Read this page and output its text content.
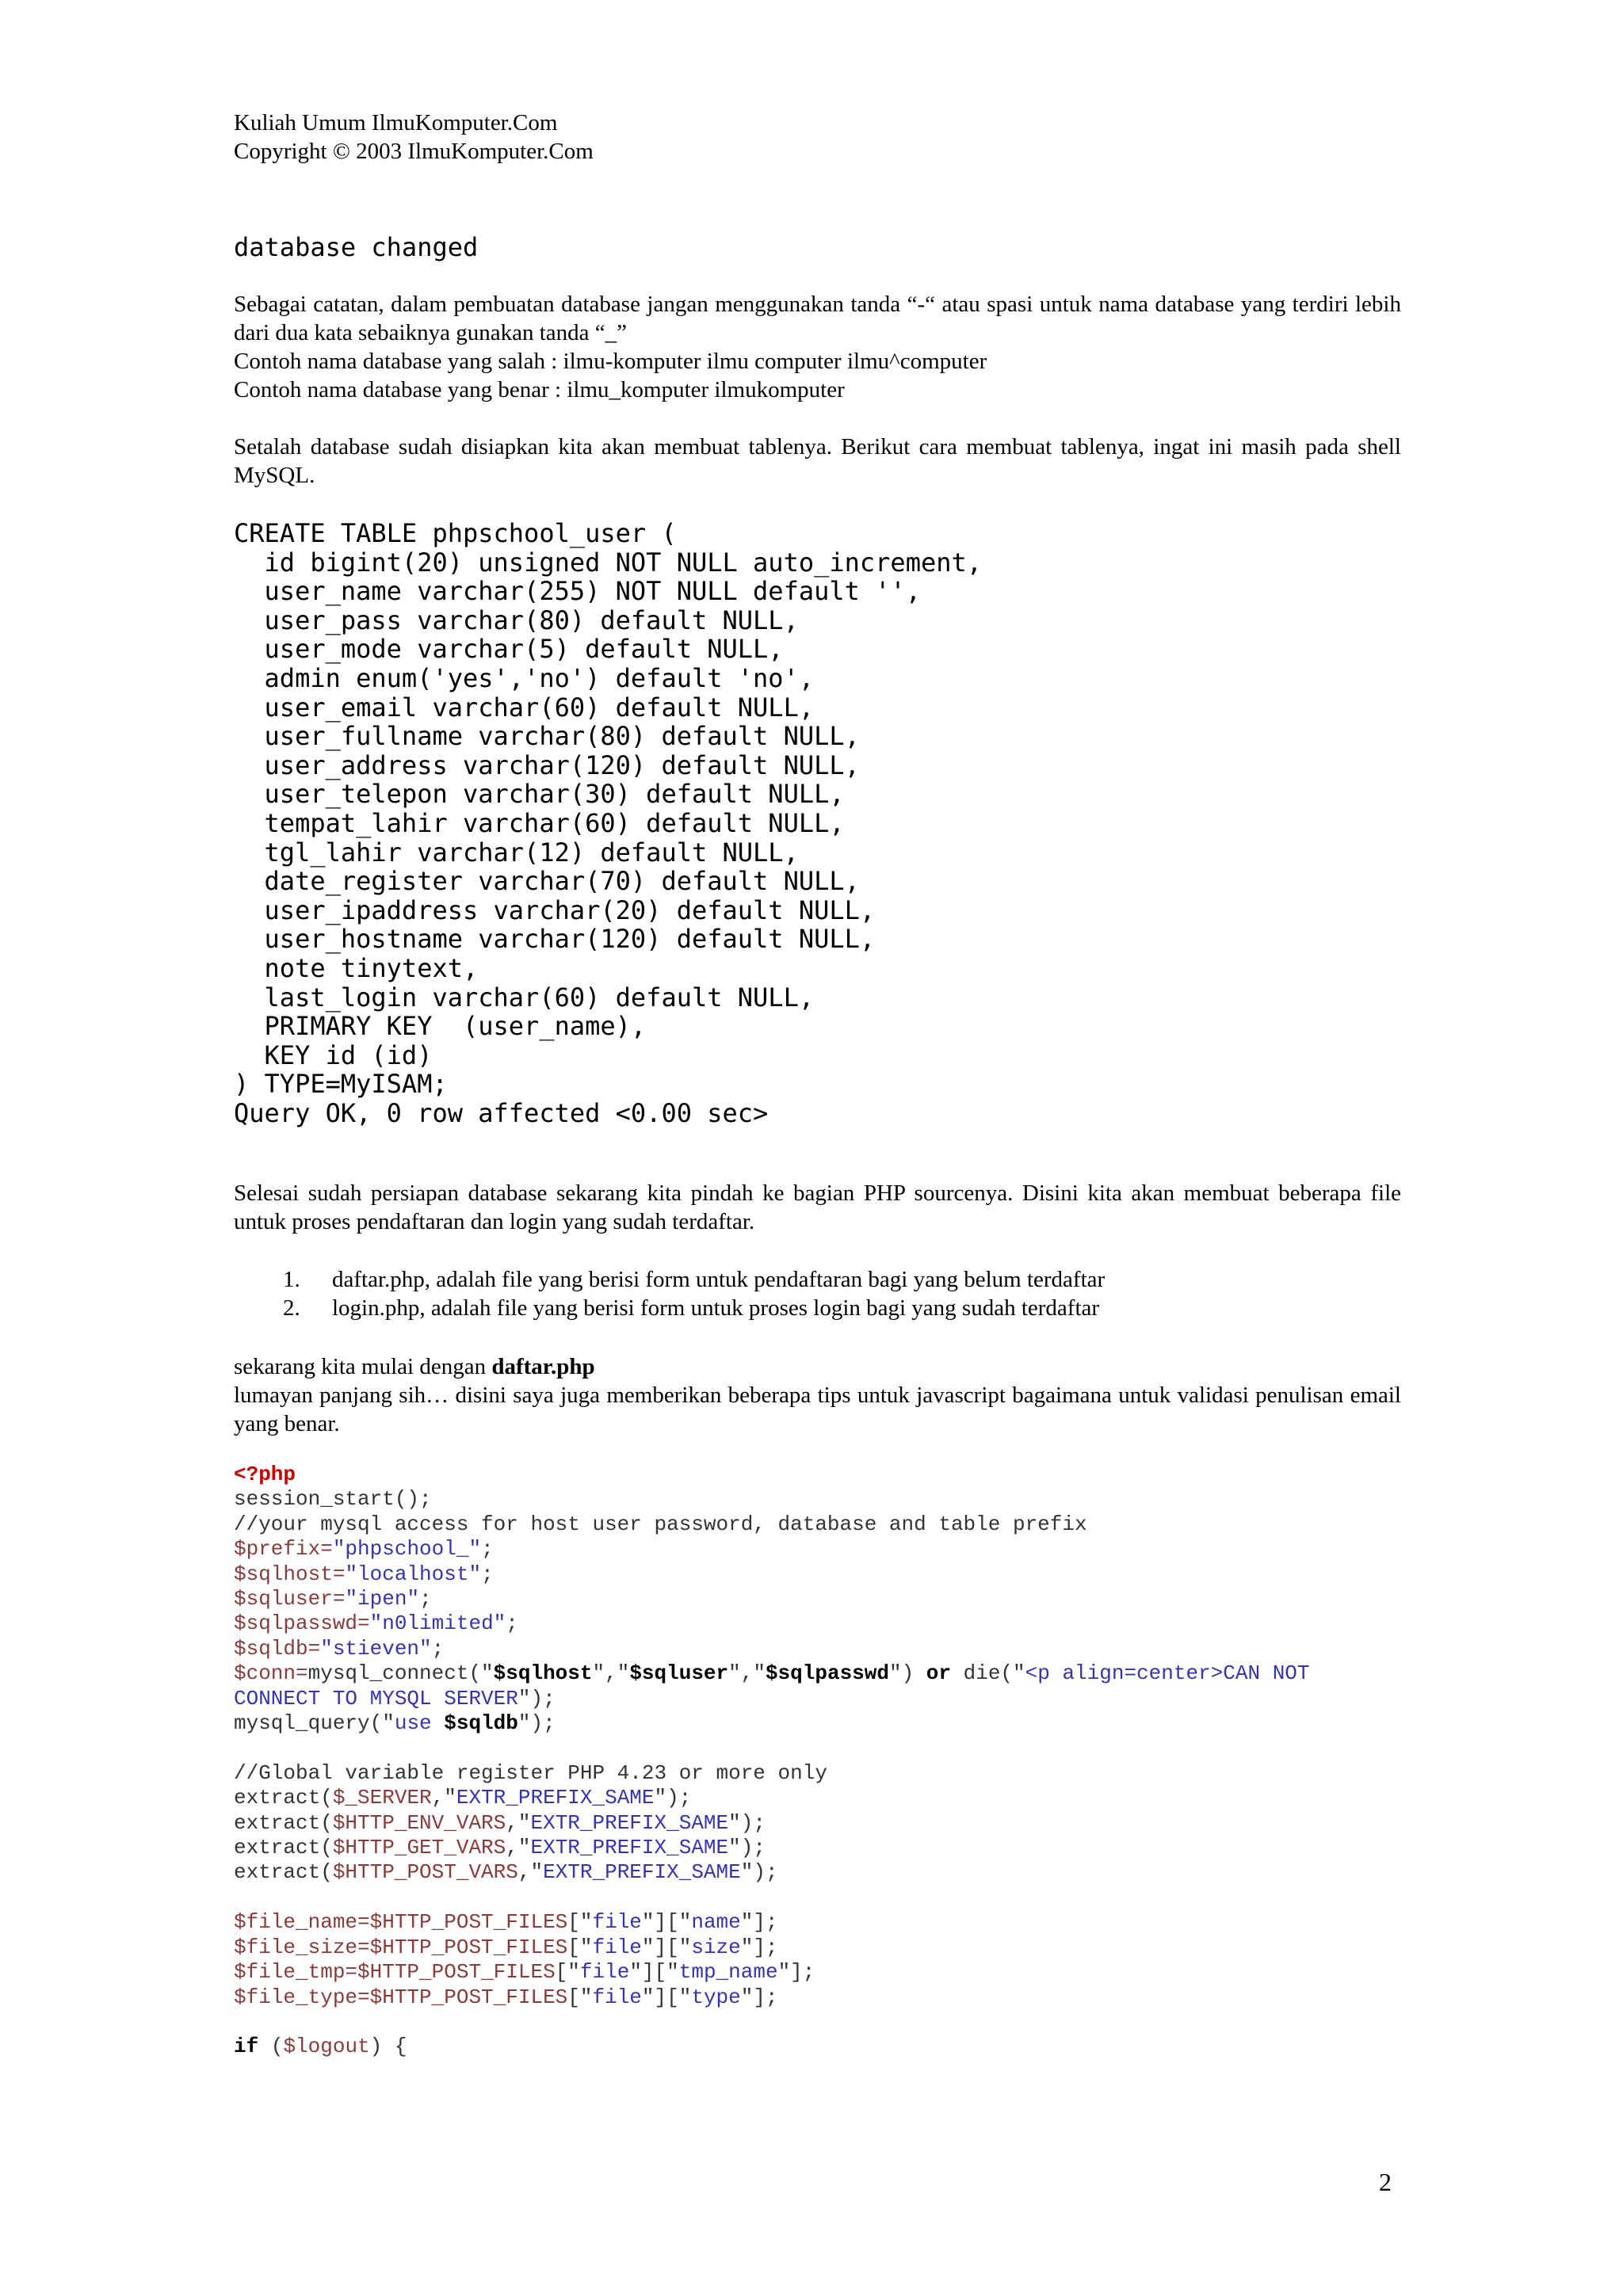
Kuliah Umum IlmuKomputer.Com
Copyright © 2003 IlmuKomputer.Com
database changed
Sebagai catatan, dalam pembuatan database jangan menggunakan tanda “-“ atau spasi untuk nama database yang terdiri lebih dari dua kata sebaiknya gunakan tanda “_”
Contoh nama database yang salah : ilmu-komputer ilmu computer ilmu^computer
Contoh nama database yang benar : ilmu_komputer ilmukomputer
Setalah database sudah disiapkan kita akan membuat tablenya. Berikut cara membuat tablenya, ingat ini masih pada shell MySQL.
CREATE TABLE phpschool_user (
id bigint(20) unsigned NOT NULL auto_increment,
user_name varchar(255) NOT NULL default '',
user_pass varchar(80) default NULL,
user_mode varchar(5) default NULL,
admin enum('yes','no') default 'no',
user_email varchar(60) default NULL,
user_fullname varchar(80) default NULL,
user_address varchar(120) default NULL,
user_telepon varchar(30) default NULL,
tempat_lahir varchar(60) default NULL,
tgl_lahir varchar(12) default NULL,
date_register varchar(70) default NULL,
user_ipaddress varchar(20) default NULL,
user_hostname varchar(120) default NULL,
note tinytext,
last_login varchar(60) default NULL,
PRIMARY KEY  (user_name),
KEY id (id)
) TYPE=MyISAM;
Query OK, 0 row affected <0.00 sec>
Selesai sudah persiapan database sekarang kita pindah ke bagian PHP sourcenya. Disini kita akan membuat beberapa file untuk proses pendaftaran dan login yang sudah terdaftar.
1. daftar.php, adalah file yang berisi form untuk pendaftaran bagi yang belum terdaftar
2. login.php, adalah file yang berisi form untuk proses login bagi yang sudah terdaftar
sekarang kita mulai dengan daftar.php
lumayan panjang sih… disini saya juga memberikan beberapa tips untuk javascript bagaimana untuk validasi penulisan email yang benar.
<?php
session_start();
//your mysql access for host user password, database and table prefix
$prefix="phpschool_";
$sqlhost="localhost";
$sqluser="ipen";
$sqlpasswd="n0limited";
$sqldb="stieven";
$conn=mysql_connect("$sqlhost","$sqluser","$sqlpasswd") or die("<p align=center>CAN NOT
CONNECT TO MYSQL SERVER");
mysql_query("use $sqldb");

//Global variable register PHP 4.23 or more only
extract($_SERVER,"EXTR_PREFIX_SAME");
extract($HTTP_ENV_VARS,"EXTR_PREFIX_SAME");
extract($HTTP_GET_VARS,"EXTR_PREFIX_SAME");
extract($HTTP_POST_VARS,"EXTR_PREFIX_SAME");

$file_name=$HTTP_POST_FILES["file"]["name"];
$file_size=$HTTP_POST_FILES["file"]["size"];
$file_tmp=$HTTP_POST_FILES["file"]["tmp_name"];
$file_type=$HTTP_POST_FILES["file"]["type"];

if ($logout) {
2
